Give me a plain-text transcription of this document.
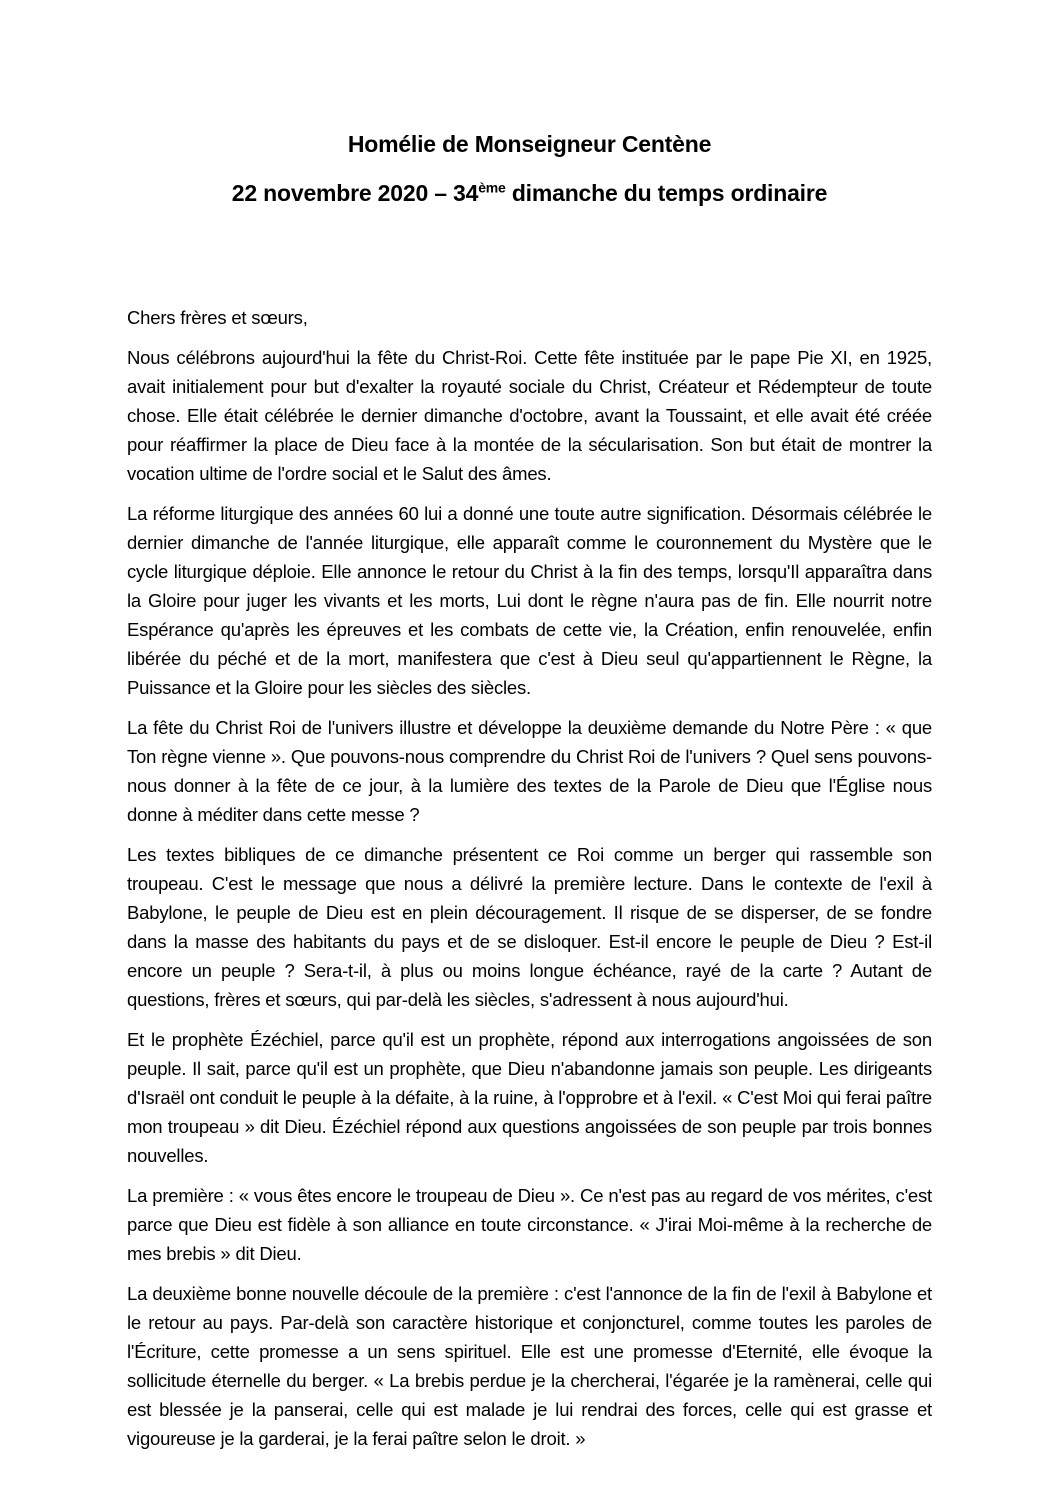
Homélie de Monseigneur Centène
22 novembre 2020 – 34ème dimanche du temps ordinaire

Chers frères et sœurs,

Nous célébrons aujourd'hui la fête du Christ-Roi. Cette fête instituée par le pape Pie XI, en 1925, avait initialement pour but d'exalter la royauté sociale du Christ, Créateur et Rédempteur de toute chose. Elle était célébrée le dernier dimanche d'octobre, avant la Toussaint, et elle avait été créée pour réaffirmer la place de Dieu face à la montée de la sécularisation. Son but était de montrer la vocation ultime de l'ordre social et le Salut des âmes.

La réforme liturgique des années 60 lui a donné une toute autre signification. Désormais célébrée le dernier dimanche de l'année liturgique, elle apparaît comme le couronnement du Mystère que le cycle liturgique déploie. Elle annonce le retour du Christ à la fin des temps, lorsqu'Il apparaîtra dans la Gloire pour juger les vivants et les morts, Lui dont le règne n'aura pas de fin. Elle nourrit notre Espérance qu'après les épreuves et les combats de cette vie, la Création, enfin renouvelée, enfin libérée du péché et de la mort, manifestera que c'est à Dieu seul qu'appartiennent le Règne, la Puissance et la Gloire pour les siècles des siècles.

La fête du Christ Roi de l'univers illustre et développe la deuxième demande du Notre Père : « que Ton règne vienne ». Que pouvons-nous comprendre du Christ Roi de l'univers ? Quel sens pouvons-nous donner à la fête de ce jour, à la lumière des textes de la Parole de Dieu que l'Église nous donne à méditer dans cette messe ?

Les textes bibliques de ce dimanche présentent ce Roi comme un berger qui rassemble son troupeau. C'est le message que nous a délivré la première lecture. Dans le contexte de l'exil à Babylone, le peuple de Dieu est en plein découragement. Il risque de se disperser, de se fondre dans la masse des habitants du pays et de se disloquer. Est-il encore le peuple de Dieu ? Est-il encore un peuple ? Sera-t-il, à plus ou moins longue échéance, rayé de la carte ? Autant de questions, frères et sœurs, qui par-delà les siècles, s'adressent à nous aujourd'hui.

Et le prophète Ézéchiel, parce qu'il est un prophète, répond aux interrogations angoissées de son peuple. Il sait, parce qu'il est un prophète, que Dieu n'abandonne jamais son peuple. Les dirigeants d'Israël ont conduit le peuple à la défaite, à la ruine, à l'opprobre et à l'exil. « C'est Moi qui ferai paître mon troupeau » dit Dieu. Ézéchiel répond aux questions angoissées de son peuple par trois bonnes nouvelles.

La première : « vous êtes encore le troupeau de Dieu ». Ce n'est pas au regard de vos mérites, c'est parce que Dieu est fidèle à son alliance en toute circonstance. « J'irai Moi-même à la recherche de mes brebis » dit Dieu.

La deuxième bonne nouvelle découle de la première : c'est l'annonce de la fin de l'exil à Babylone et le retour au pays. Par-delà son caractère historique et conjoncturel, comme toutes les paroles de l'Écriture, cette promesse a un sens spirituel. Elle est une promesse d'Eternité, elle évoque la sollicitude éternelle du berger. « La brebis perdue je la chercherai, l'égarée je la ramènerai, celle qui est blessée je la panserai, celle qui est malade je lui rendrai des forces, celle qui est grasse et vigoureuse je la garderai, je la ferai paître selon le droit. »
